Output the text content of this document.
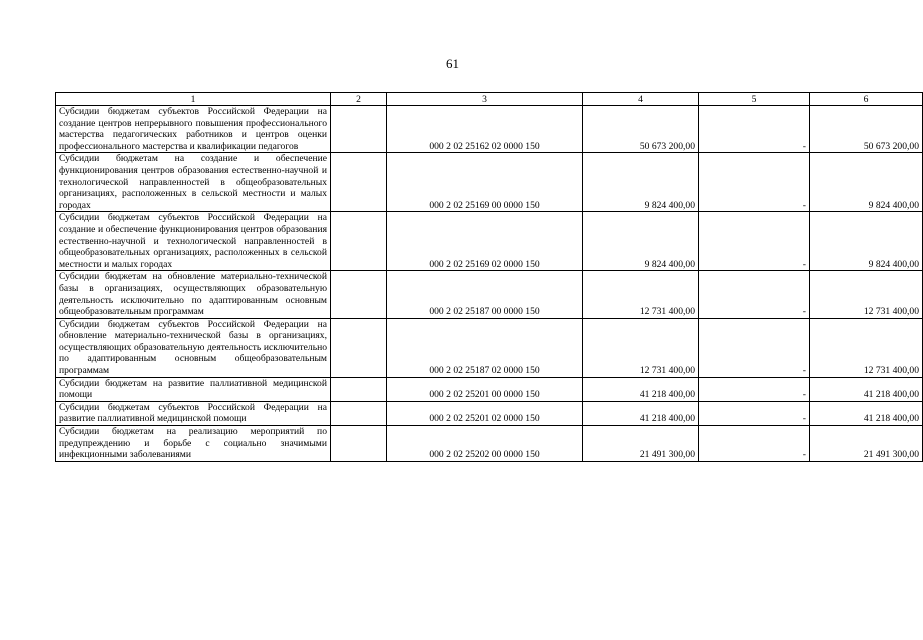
61
1	2	3	4	5	6
Субсидии бюджетам субъектов Российской Федерации на создание центров непрерывного повышения профессионального мастерства педагогических работников и центров оценки профессионального мастерства и квалификации педагогов		000 2 02 25162 02 0000 150	50 673 200,00	-	50 673 200,00
Субсидии бюджетам на создание и обеспечение функционирования центров образования естественно-научной и технологической направленностей в общеобразовательных организациях, расположенных в сельской местности и малых городах		000 2 02 25169 00 0000 150	9 824 400,00	-	9 824 400,00
Субсидии бюджетам субъектов Российской Федерации на создание и обеспечение функционирования центров образования естественно-научной и технологической направленностей в общеобразовательных организациях, расположенных в сельской местности и малых городах		000 2 02 25169 02 0000 150	9 824 400,00	-	9 824 400,00
Субсидии бюджетам на обновление материально-технической базы в организациях, осуществляющих образовательную деятельность исключительно по адаптированным основным общеобразовательным программам		000 2 02 25187 00 0000 150	12 731 400,00	-	12 731 400,00
Субсидии бюджетам субъектов Российской Федерации на обновление материально-технической базы в организациях, осуществляющих образовательную деятельность исключительно по адаптированным основным общеобразовательным программам		000 2 02 25187 02 0000 150	12 731 400,00	-	12 731 400,00
Субсидии бюджетам на развитие паллиативной медицинской помощи		000 2 02 25201 00 0000 150	41 218 400,00	-	41 218 400,00
Субсидии бюджетам субъектов Российской Федерации на развитие паллиативной медицинской помощи		000 2 02 25201 02 0000 150	41 218 400,00	-	41 218 400,00
Субсидии бюджетам на реализацию мероприятий по предупреждению и борьбе с социально значимыми инфекционными заболеваниями		000 2 02 25202 00 0000 150	21 491 300,00	-	21 491 300,00
